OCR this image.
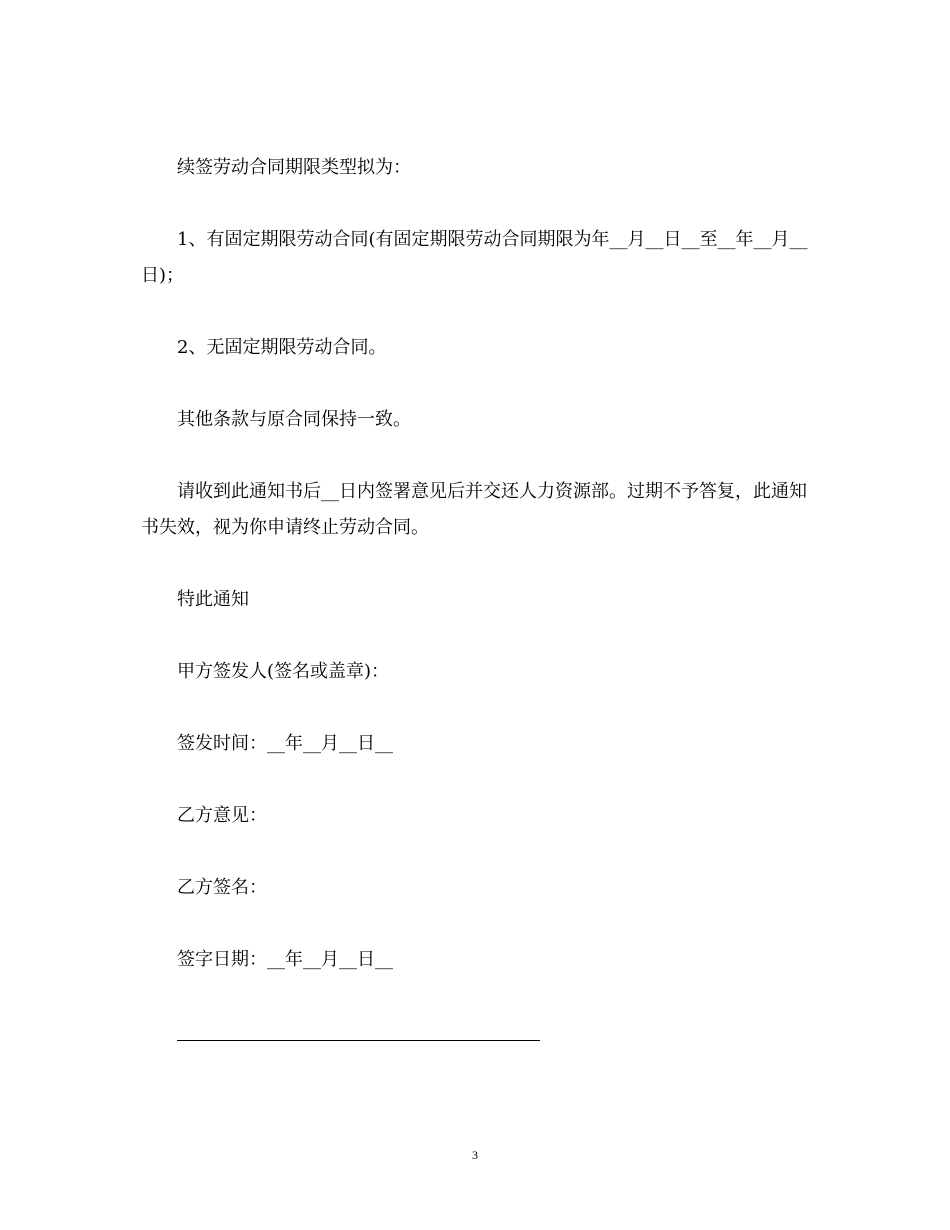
续签劳动合同期限类型拟为：

1、有固定期限劳动合同(有固定期限劳动合同期限为年__月__日__至__年__月__日)；

2、无固定期限劳动合同。

其他条款与原合同保持一致。

请收到此通知书后__日内签署意见后并交还人力资源部。过期不予答复，此通知书失效，视为你申请终止劳动合同。

特此通知

甲方签发人(签名或盖章)：

签发时间：__年__月__日__

乙方意见：

乙方签名：

签字日期：__年__月__日__

3
